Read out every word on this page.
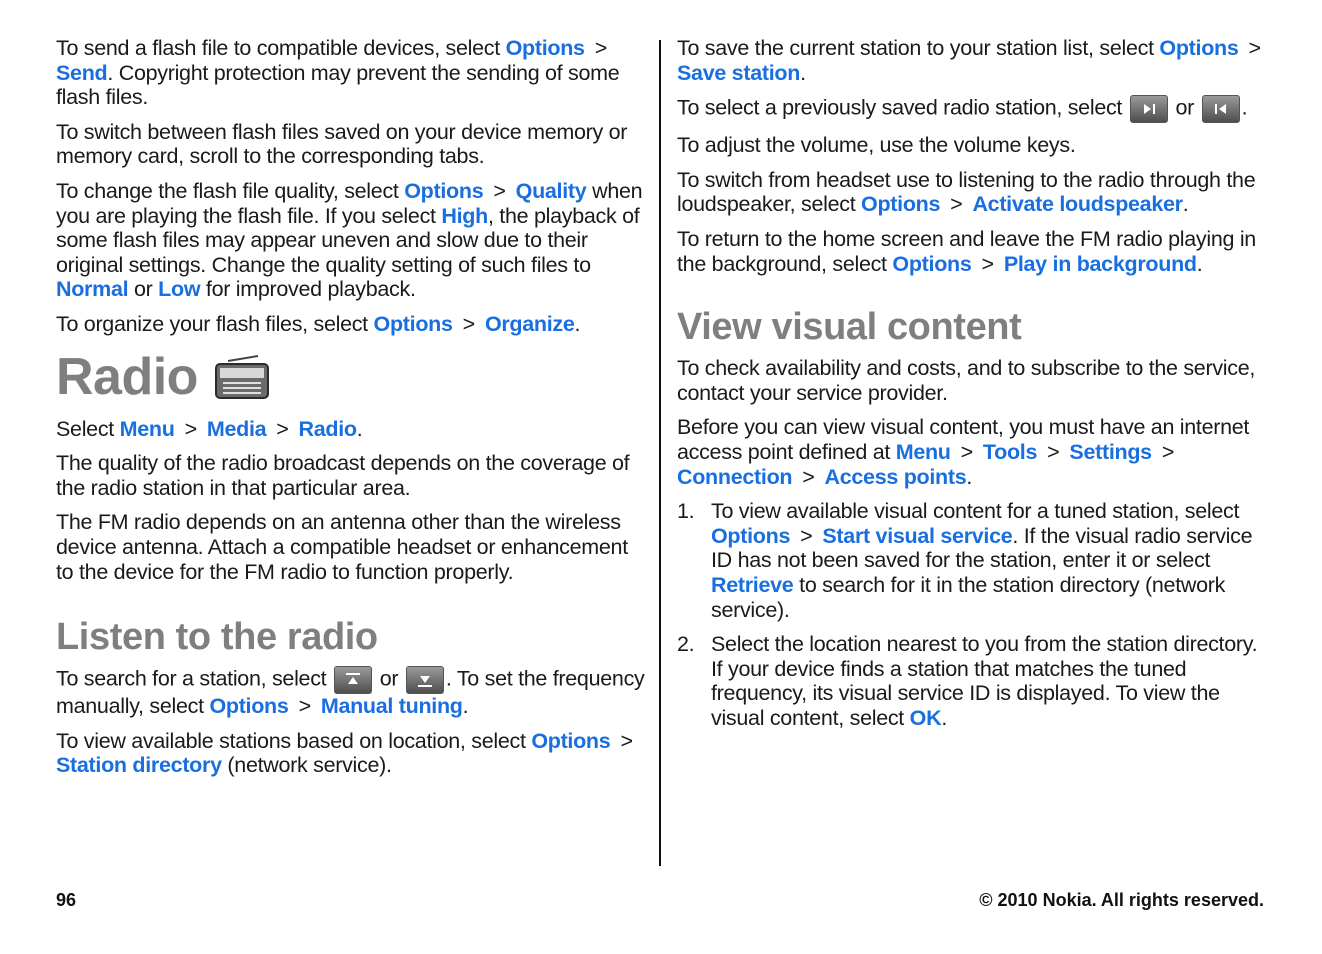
To send a flash file to compatible devices, select Options >Send. Copyright protection may prevent the sending of some flash files.

To switch between flash files saved on your device memory or memory card, scroll to the corresponding tabs.

To change the flash file quality, select Options > Quality when you are playing the flash file. If you select High, the playback of some flash files may appear uneven and slow due to their original settings. Change the quality setting of such files to Normal or Low for improved playback.

To organize your flash files, select Options > Organize.

Radio

Select Menu > Media > Radio.

The quality of the radio broadcast depends on the coverage of the radio station in that particular area.

The FM radio depends on an antenna other than the wireless device antenna. Attach a compatible headset or enhancement to the device for the FM radio to function properly.

Listen to the radio

To search for a station, select
or
. To set the frequency manually, select Options > Manual tuning.

To view available stations based on location, select Options >Station directory (network service).

To save the current station to your station list, select Options >Save station.

To select a previously saved radio station, select
or
.

To adjust the volume, use the volume keys.

To switch from headset use to listening to the radio through the loudspeaker, select Options > Activate loudspeaker.

To return to the home screen and leave the FM radio playing in the background, select Options > Play in background.

View visual content

To check availability and costs, and to subscribe to the service, contact your service provider.

Before you can view visual content, you must have an internet access point defined at Menu > Tools > Settings >Connection > Access points.

1. To view available visual content for a tuned station, select Options > Start visual service. If the visual radio service ID has not been saved for the station, enter it or select Retrieve to search for it in the station directory (network service).
2. Select the location nearest to you from the station directory. If your device finds a station that matches the tuned frequency, its visual service ID is displayed. To view the visual content, select OK.
96	© 2010 Nokia. All rights reserved.
